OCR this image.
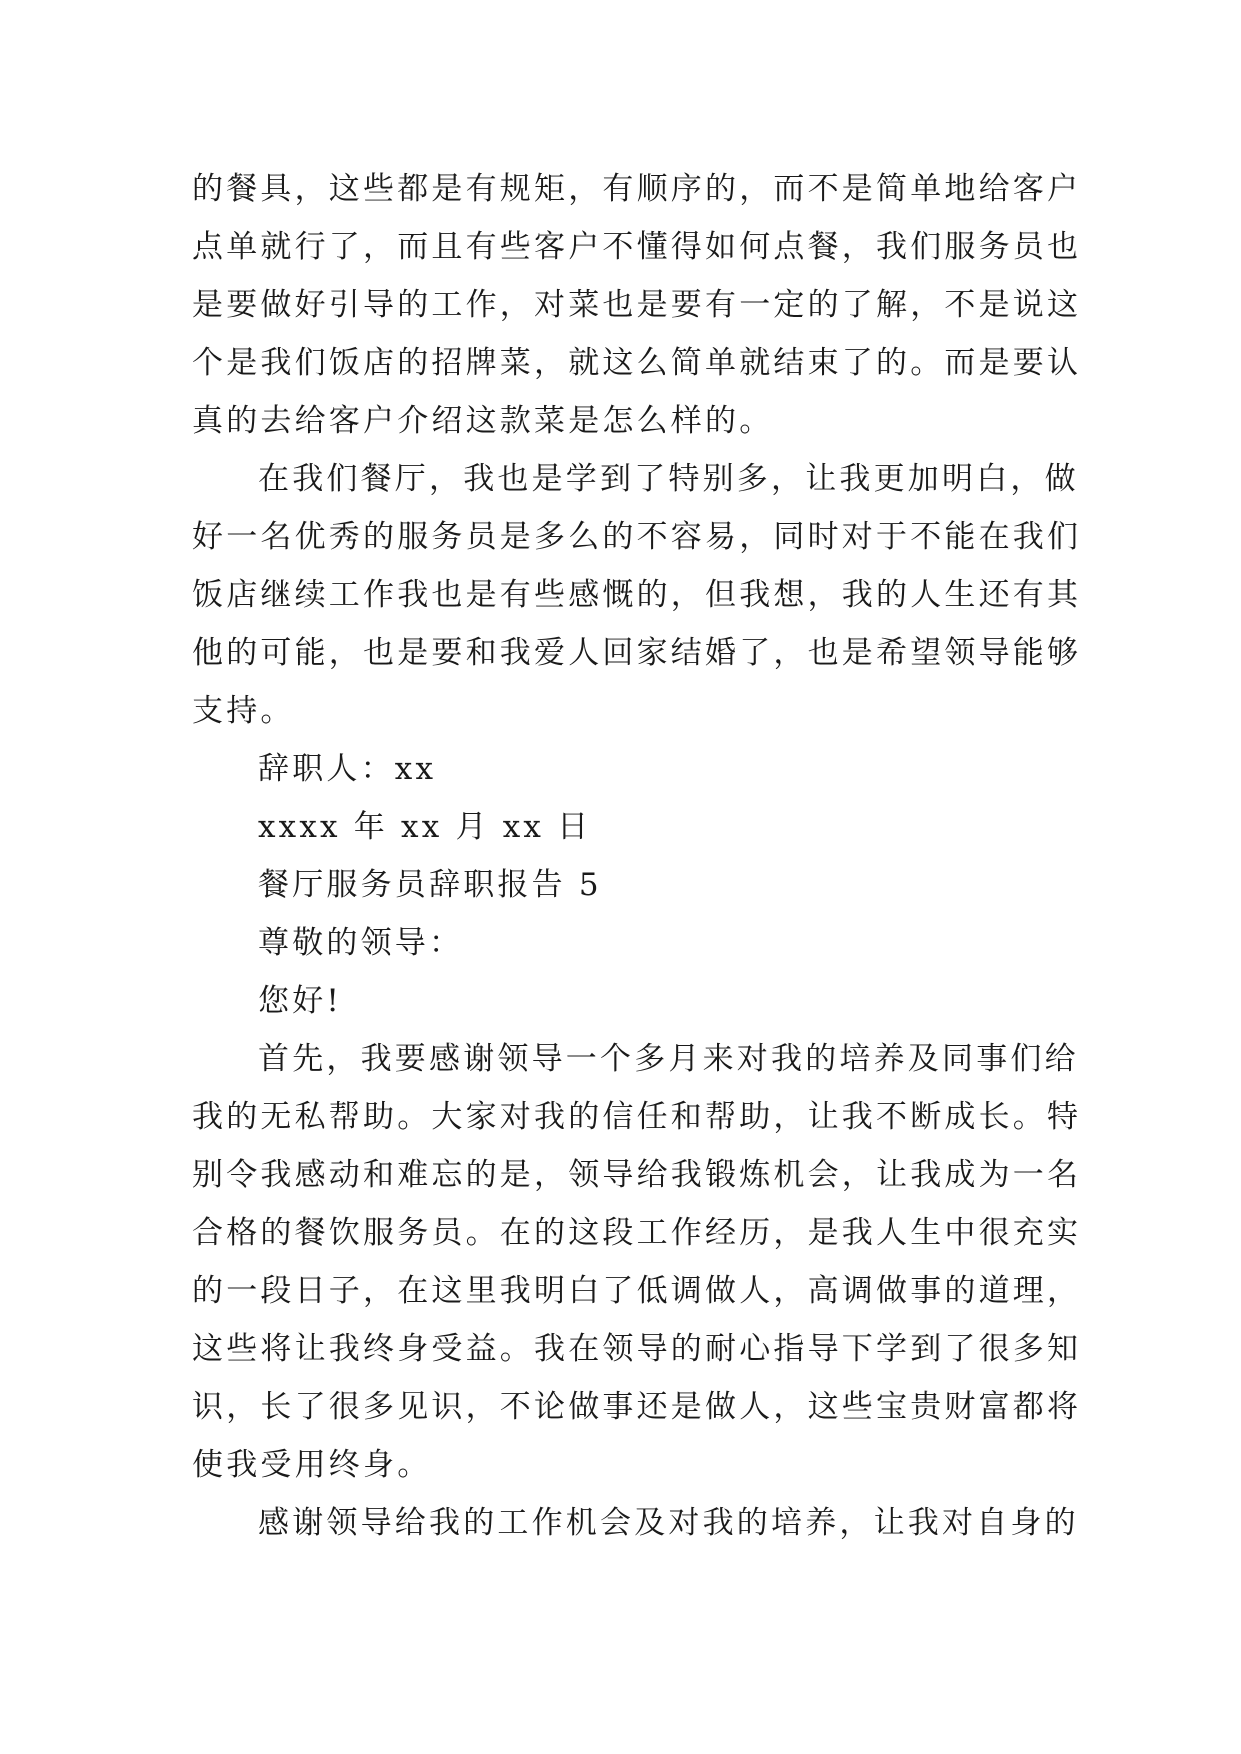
的餐具，这些都是有规矩，有顺序的，而不是简单地给客户
点单就行了，而且有些客户不懂得如何点餐，我们服务员也
是要做好引导的工作，对菜也是要有一定的了解，不是说这
个是我们饭店的招牌菜，就这么简单就结束了的。而是要认
真的去给客户介绍这款菜是怎么样的。
在我们餐厅，我也是学到了特别多，让我更加明白，做
好一名优秀的服务员是多么的不容易，同时对于不能在我们
饭店继续工作我也是有些感慨的，但我想，我的人生还有其
他的可能，也是要和我爱人回家结婚了，也是希望领导能够
支持。
辞职人：xx
xxxx 年 xx 月 xx 日
餐厅服务员辞职报告 5
尊敬的领导：
您好!
首先，我要感谢领导一个多月来对我的培养及同事们给
我的无私帮助。大家对我的信任和帮助，让我不断成长。特
别令我感动和难忘的是，领导给我锻炼机会，让我成为一名
合格的餐饮服务员。在的这段工作经历，是我人生中很充实
的一段日子，在这里我明白了低调做人，高调做事的道理，
这些将让我终身受益。我在领导的耐心指导下学到了很多知
识，长了很多见识，不论做事还是做人，这些宝贵财富都将
使我受用终身。
感谢领导给我的工作机会及对我的培养，让我对自身的
